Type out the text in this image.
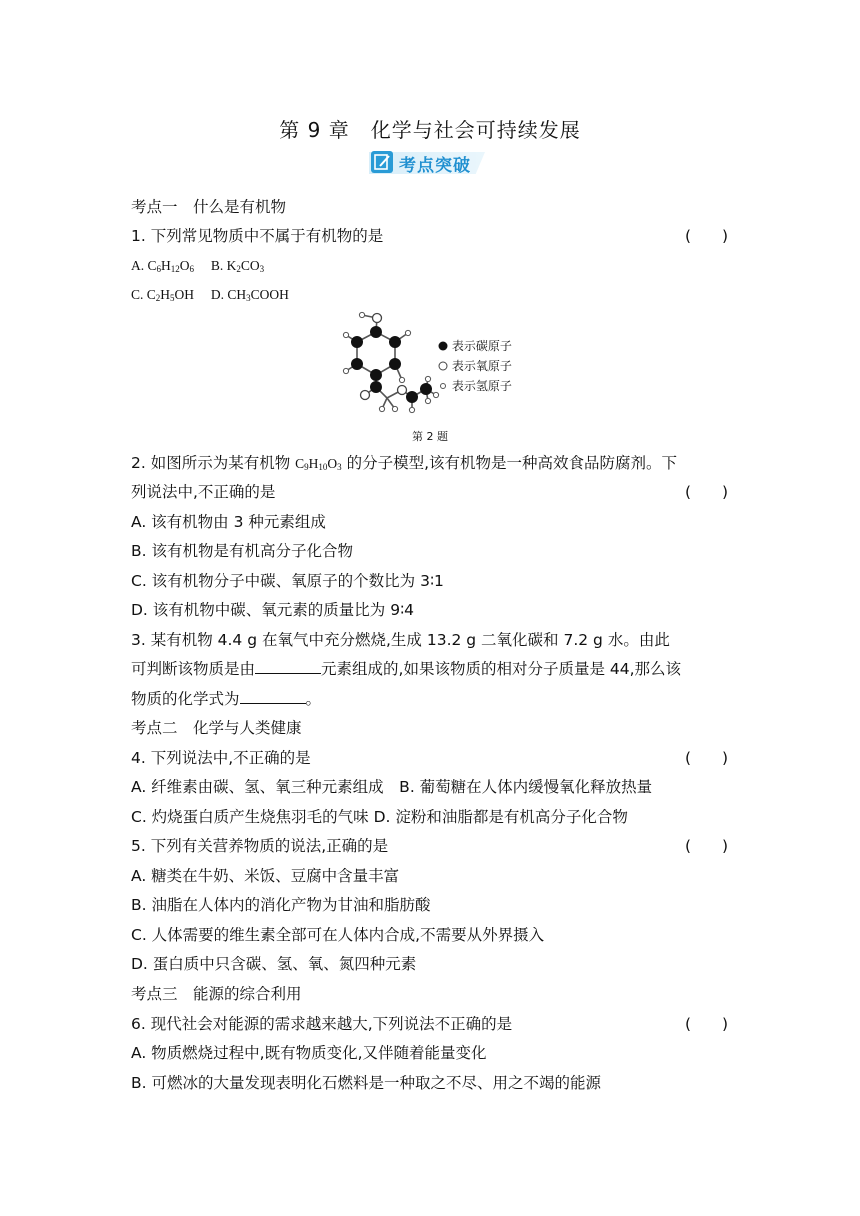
第 9 章　化学与社会可持续发展
考点突破
考点一　什么是有机物
1. 下列常见物质中不属于有机物的是	(　　)
A. $C_6H_{12}O_6$ B. $K_2CO_3$
C. $C_2H_5OH$ D. $CH_3COOH$
表示碳原子
表示氧原子
表示氢原子
第 2 题
2. 如图所示为某有机物 $C_9H_{10}O_3$ 的分子模型,该有机物是一种高效食品防腐剂。下
列说法中,不正确的是	(　　)
A. 该有机物由 3 种元素组成
B. 该有机物是有机高分子化合物
C. 该有机物分子中碳、氧原子的个数比为 3∶1
D. 该有机物中碳、氧元素的质量比为 9∶4
3. 某有机物 4.4 g 在氧气中充分燃烧,生成 13.2 g 二氧化碳和 7.2 g 水。由此
可判断该物质是由	元素组成的,如果该物质的相对分子质量是 44,那么该
物质的化学式为	。
考点二　化学与人类健康
4. 下列说法中,不正确的是	(　　)
A. 纤维素由碳、氢、氧三种元素组成　B. 葡萄糖在人体内缓慢氧化释放热量
C. 灼烧蛋白质产生烧焦羽毛的气味 D. 淀粉和油脂都是有机高分子化合物
5. 下列有关营养物质的说法,正确的是	(　　)
A. 糖类在牛奶、米饭、豆腐中含量丰富
B. 油脂在人体内的消化产物为甘油和脂肪酸
C. 人体需要的维生素全部可在人体内合成,不需要从外界摄入
D. 蛋白质中只含碳、氢、氧、氮四种元素
考点三　能源的综合利用
6. 现代社会对能源的需求越来越大,下列说法不正确的是	(　　)
A. 物质燃烧过程中,既有物质变化,又伴随着能量变化
B. 可燃冰的大量发现表明化石燃料是一种取之不尽、用之不竭的能源
